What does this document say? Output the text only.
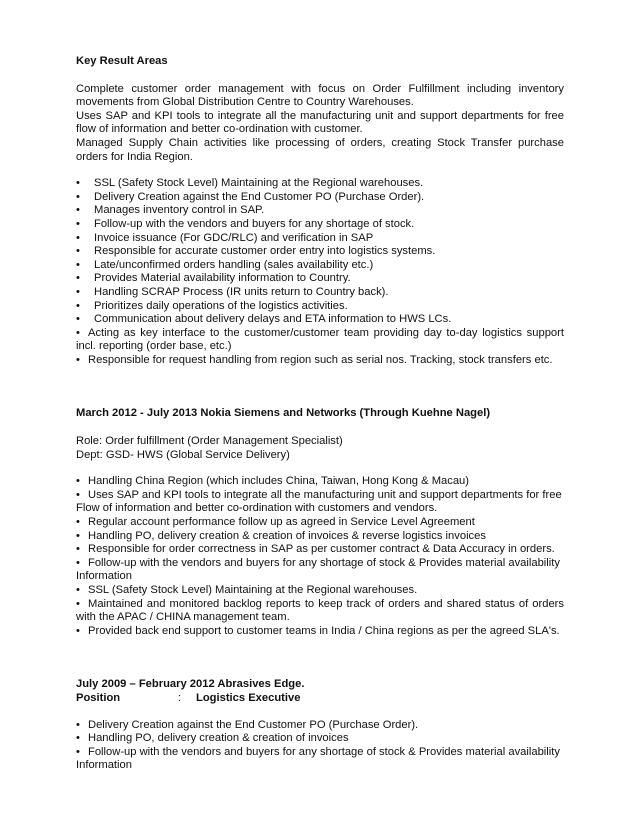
Key Result Areas

Complete customer order management with focus on Order Fulfillment including inventory movements from Global Distribution Centre to Country Warehouses.

Uses SAP and KPI tools to integrate all the manufacturing unit and support departments for free flow of information and better co-ordination with customer.

Managed Supply Chain activities like processing of orders, creating Stock Transfer purchase orders for India Region.

• SSL (Safety Stock Level) Maintaining at the Regional warehouses.
• Delivery Creation against the End Customer PO (Purchase Order).
• Manages inventory control in SAP.
• Follow-up with the vendors and buyers for any shortage of stock.
• Invoice issuance (For GDC/RLC) and verification in SAP
• Responsible for accurate customer order entry into logistics systems.
• Late/unconfirmed orders handling (sales availability etc.)
• Provides Material availability information to Country.
• Handling SCRAP Process (IR units return to Country back).
• Prioritizes daily operations of the logistics activities.
• Communication about delivery delays and ETA information to HWS LCs.
• Acting as key interface to the customer/customer team providing day to-day logistics support incl. reporting (order base, etc.)
• Responsible for request handling from region such as serial nos. Tracking, stock transfers etc.
March 2012 - July 2013 Nokia Siemens and Networks (Through Kuehne Nagel)

Role: Order fulfillment (Order Management Specialist)

Dept: GSD- HWS (Global Service Delivery)

• Handling China Region (which includes China, Taiwan, Hong Kong & Macau)
• Uses SAP and KPI tools to integrate all the manufacturing unit and support departments for free Flow of information and better co-ordination with customers and vendors.
• Regular account performance follow up as agreed in Service Level Agreement
• Handling PO, delivery creation & creation of invoices & reverse logistics invoices
• Responsible for order correctness in SAP as per customer contract & Data Accuracy in orders.
• Follow-up with the vendors and buyers for any shortage of stock & Provides material availability Information
• SSL (Safety Stock Level) Maintaining at the Regional warehouses.
• Maintained and monitored backlog reports to keep track of orders and shared status of orders with the APAC / CHINA management team.
• Provided back end support to customer teams in India / China regions as per the agreed SLA's.
July 2009 – February 2012 Abrasives Edge.
Position	:	Logistics Executive
• Delivery Creation against the End Customer PO (Purchase Order).
• Handling PO, delivery creation & creation of invoices
• Follow-up with the vendors and buyers for any shortage of stock & Provides material availability Information
